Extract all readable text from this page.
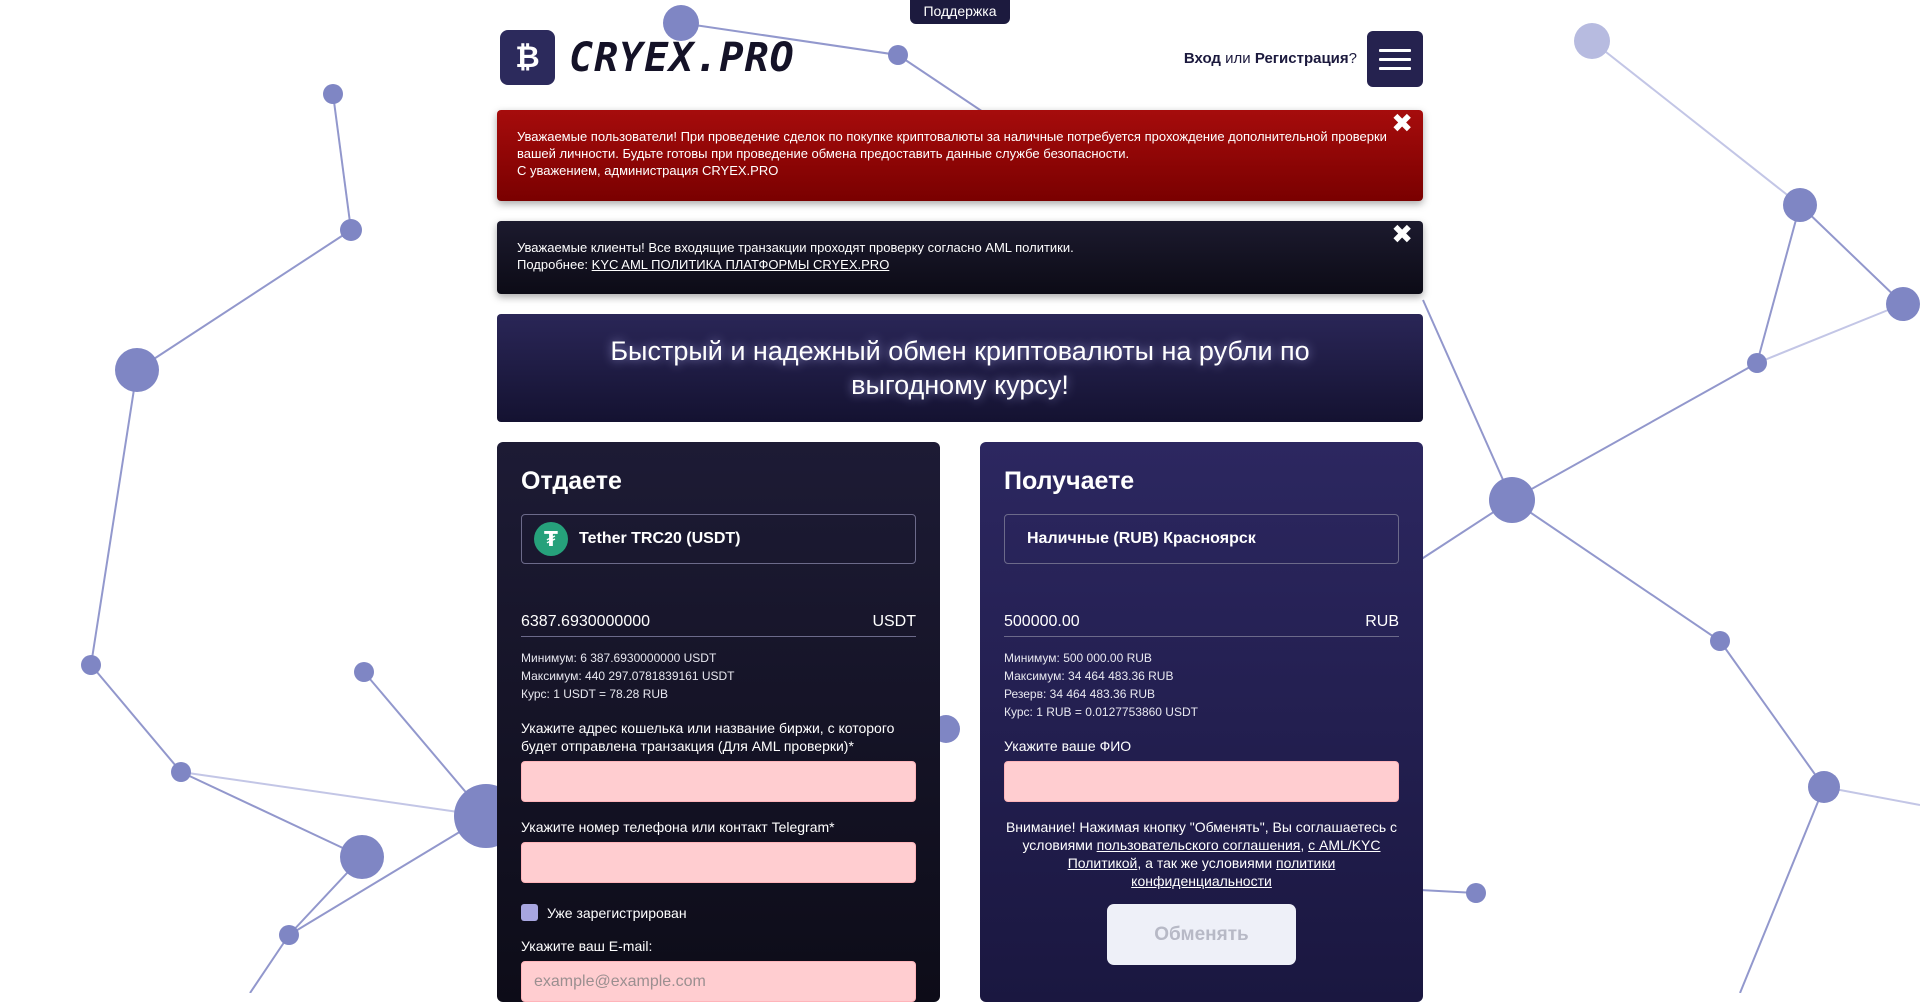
Поддержка
₿ CRYEX.PRO	Вход или Регистрация?

Уважаемые пользователи! При проведение сделок по покупке криптовалюты за наличные потребуется прохождение дополнительной проверки вашей личности. Будьте готовы при проведение обмена предоставить данные службе безопасности.

С уважением, администрация CRYEX.PRO

✖

Уважаемые клиенты! Все входящие транзакции проходят проверку согласно AML политики.

Подробнее: KYC AML ПОЛИТИКА ПЛАТФОРМЫ CRYEX.PRO

✖
Быстрый и надежный обмен криптовалюты на рубли по выгодному курсу!
Отдаете
₮	Tether TRC20 (USDT)
6387.6930000000	USDT
Минимум: 6 387.6930000000 USDT
Максимум: 440 297.0781839161 USDT
Курс: 1 USDT = 78.28 RUB
Укажите адрес кошелька или название биржи, с которого будет отправлена транзакция (Для AML проверки)*
Укажите номер телефона или контакт Telegram*
Уже зарегистрирован
Укажите ваш E-mail:
example@example.com
Получаете
Наличные (RUB) Красноярск
500000.00	RUB
Минимум: 500 000.00 RUB
Максимум: 34 464 483.36 RUB
Резерв: 34 464 483.36 RUB
Курс: 1 RUB = 0.0127753860 USDT
Укажите ваше ФИО
Внимание! Нажимая кнопку "Обменять", Вы соглашаетесь с условиями пользовательского соглашения, с AML/KYC Политикой, а так же условиями политики конфиденциальности
Обменять
